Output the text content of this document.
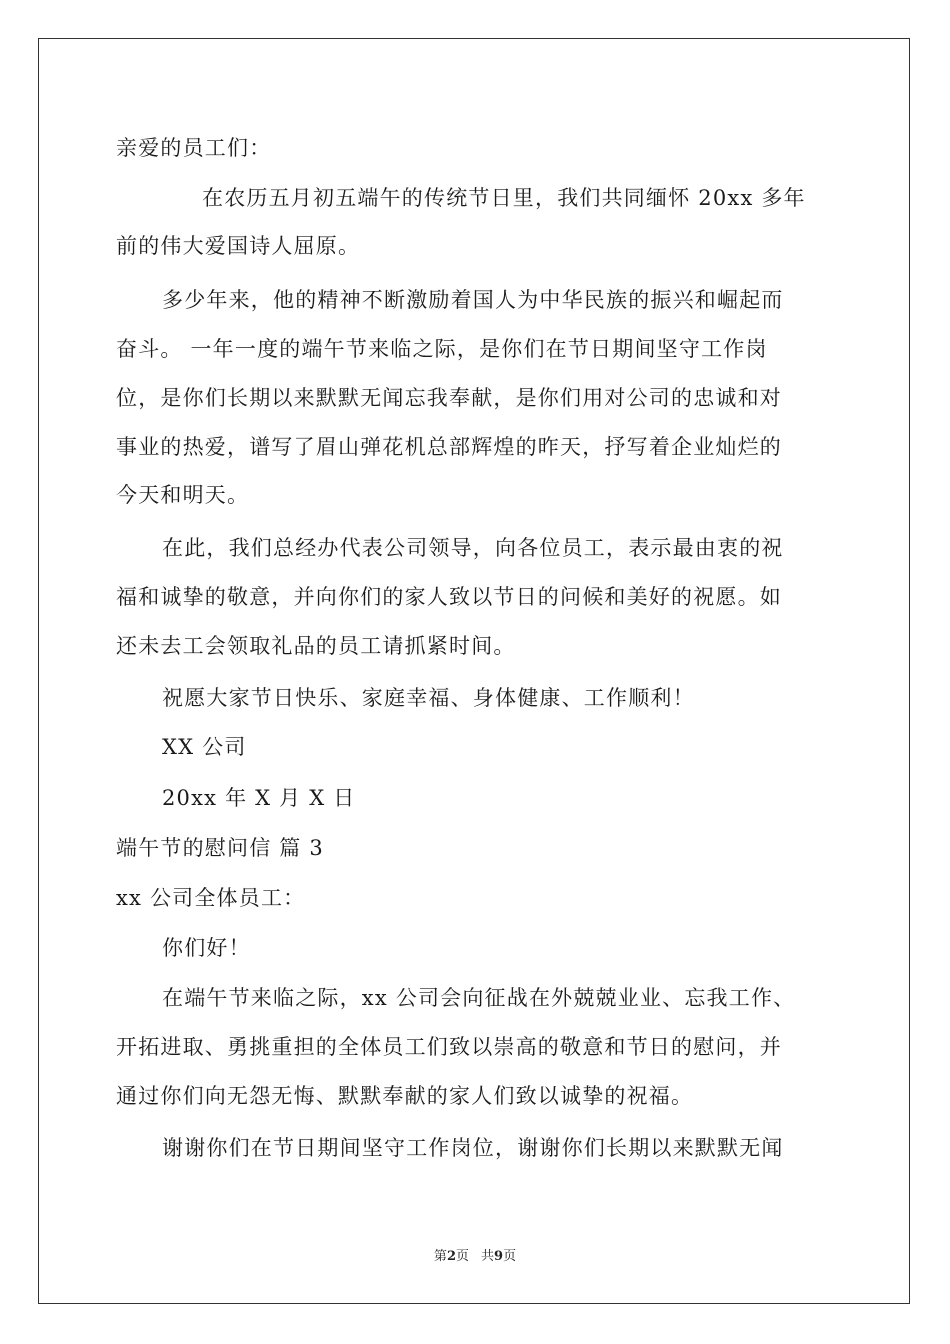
亲爱的员工们：
在农历五月初五端午的传统节日里，我们共同缅怀 20xx 多年
前的伟大爱国诗人屈原。
多少年来，他的精神不断激励着国人为中华民族的振兴和崛起而
奋斗。 一年一度的端午节来临之际，是你们在节日期间坚守工作岗
位，是你们长期以来默默无闻忘我奉献，是你们用对公司的忠诚和对
事业的热爱，谱写了眉山弹花机总部辉煌的昨天，抒写着企业灿烂的
今天和明天。
在此，我们总经办代表公司领导，向各位员工，表示最由衷的祝
福和诚挚的敬意，并向你们的家人致以节日的问候和美好的祝愿。如
还未去工会领取礼品的员工请抓紧时间。
祝愿大家节日快乐、家庭幸福、身体健康、工作顺利！
XX 公司
20xx 年 X 月 X 日
端午节的慰问信 篇 3
xx 公司全体员工：
你们好！
在端午节来临之际，xx 公司会向征战在外兢兢业业、忘我工作、
开拓进取、勇挑重担的全体员工们致以崇高的敬意和节日的慰问，并
通过你们向无怨无悔、默默奉献的家人们致以诚挚的祝福。
谢谢你们在节日期间坚守工作岗位，谢谢你们长期以来默默无闻
第2页 共9页
